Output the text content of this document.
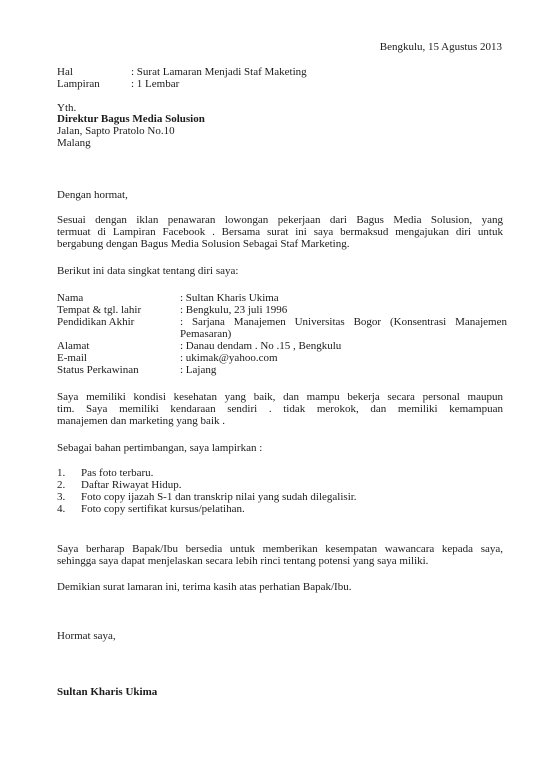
Bengkulu, 15 Agustus 2013
Hal	: Surat Lamaran Menjadi Staf Maketing
Lampiran	: 1 Lembar
Yth.
Direktur Bagus Media Solusion
Jalan, Sapto Pratolo No.10
Malang
Dengan hormat,
Sesuai dengan iklan penawaran lowongan pekerjaan dari Bagus Media Solusion, yang
termuat di Lampiran Facebook . Bersama surat ini saya bermaksud mengajukan diri untuk
bergabung dengan Bagus Media Solusion Sebagai Staf Marketing.
Berikut ini data singkat tentang diri saya:
Nama	: Sultan Kharis Ukima
Tempat & tgl. lahir	: Bengkulu, 23 juli 1996
Pendidikan Akhir	: Sarjana Manajemen Universitas Bogor (Konsentrasi Manajemen
Pemasaran)
Alamat	: Danau dendam . No .15 , Bengkulu
E-mail	: ukimak@yahoo.com
Status Perkawinan	: Lajang
Saya memiliki kondisi kesehatan yang baik, dan mampu bekerja secara personal maupun
tim. Saya memiliki kendaraan sendiri . tidak merokok, dan memiliki kemampuan
manajemen dan marketing yang baik .
Sebagai bahan pertimbangan, saya lampirkan :
1. Pas foto terbaru.
2. Daftar Riwayat Hidup.
3. Foto copy ijazah S-1 dan transkrip nilai yang sudah dilegalisir.
4. Foto copy sertifikat kursus/pelatihan.
Saya berharap Bapak/Ibu bersedia untuk memberikan kesempatan wawancara kepada saya,
sehingga saya dapat menjelaskan secara lebih rinci tentang potensi yang saya miliki.
Demikian surat lamaran ini, terima kasih atas perhatian Bapak/Ibu.
Hormat saya,
Sultan Kharis Ukima
